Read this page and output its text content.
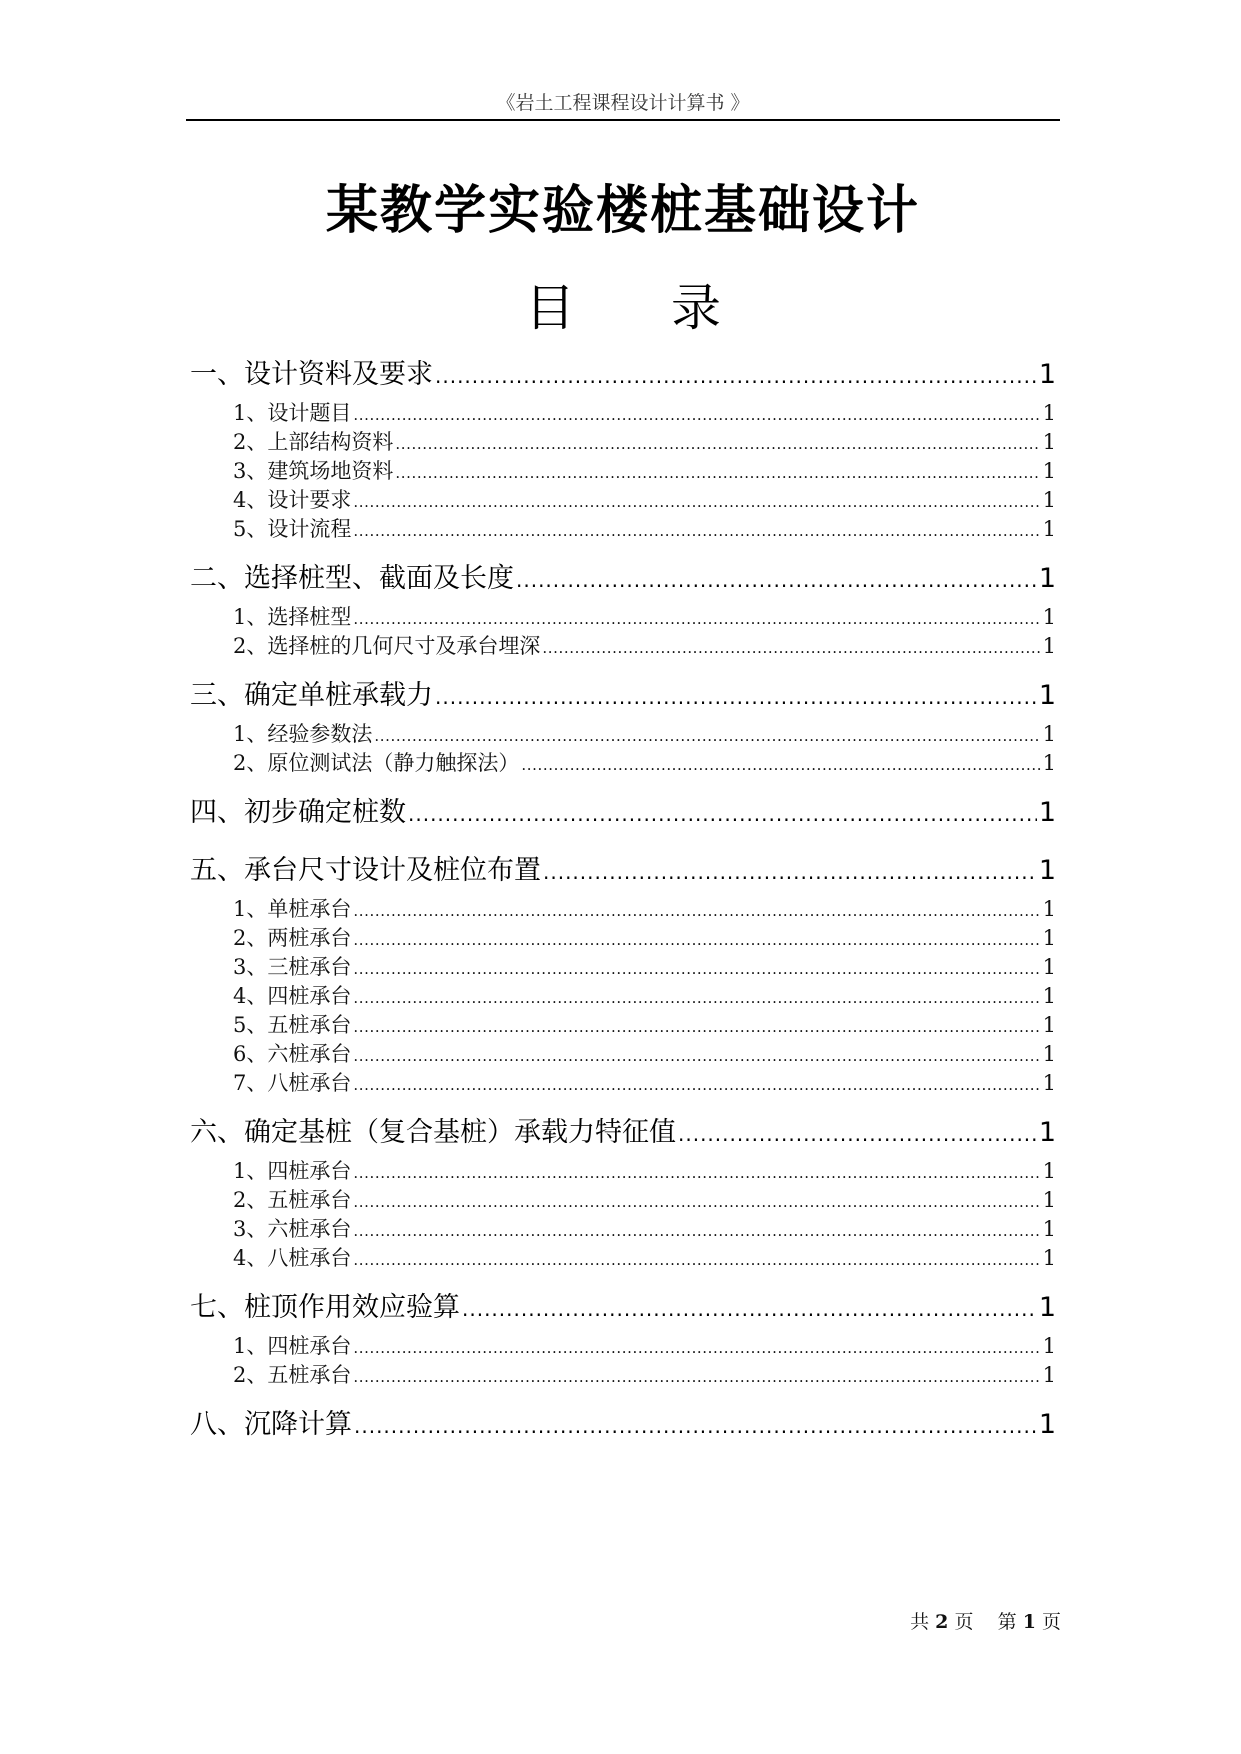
《岩土工程课程设计计算书 》
某教学实验楼桩基础设计
目 录
一、设计资料及要求 .....	1
1、设计题目 .....	1
2、上部结构资料 .....	1
3、建筑场地资料 .....	1
4、设计要求 .....	1
5、设计流程 .....	1
二、选择桩型、截面及长度 .....	1
1、选择桩型 .....	1
2、选择桩的几何尺寸及承台埋深 .....	1
三、确定单桩承载力 .....	1
1、经验参数法 .....	1
2、原位测试法（静力触探法） .....	1
四、初步确定桩数 .....	1
五、承台尺寸设计及桩位布置 .....	1
1、单桩承台 .....	1
2、两桩承台 .....	1
3、三桩承台 .....	1
4、四桩承台 .....	1
5、五桩承台 .....	1
6、六桩承台 .....	1
7、八桩承台 .....	1
六、确定基桩（复合基桩）承载力特征值 .....	1
1、四桩承台 .....	1
2、五桩承台 .....	1
3、六桩承台 .....	1
4、八桩承台 .....	1
七、桩顶作用效应验算 .....	1
1、四桩承台 .....	1
2、五桩承台 .....	1
八、沉降计算 .....	1
共 2 页 第 1 页
